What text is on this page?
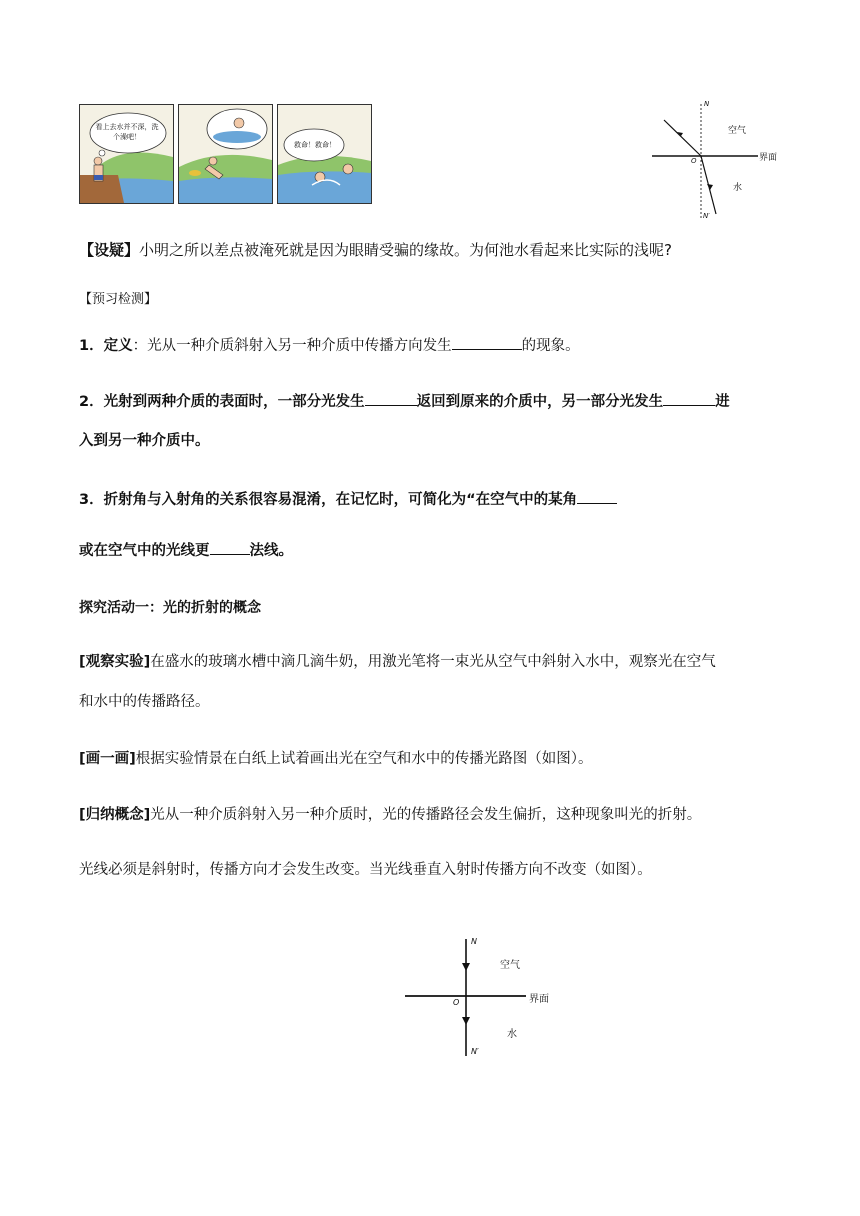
看上去水并不深，洗个澡吧！
救命！救命！
N
N′
O
空气
界面
水
【设疑】小明之所以差点被淹死就是因为眼睛受骗的缘故。为何池水看起来比实际的浅呢?
【预习检测】
1．定义：光从一种介质斜射入另一种介质中传播方向发生	的现象。
2．光射到两种介质的表面时，一部分光发生	返回到原来的介质中，另一部分光发生	进
入到另一种介质中。
3．折射角与入射角的关系很容易混淆，在记忆时，可简化为“在空气中的某角
或在空气中的光线更	法线。
探究活动一：光的折射的概念
[观察实验]在盛水的玻璃水槽中滴几滴牛奶，用激光笔将一束光从空气中斜射入水中，观察光在空气
和水中的传播路径。
[画一画]根据实验情景在白纸上试着画出光在空气和水中的传播光路图（如图）。
[归纳概念]光从一种介质斜射入另一种介质时，光的传播路径会发生偏折，这种现象叫光的折射。
光线必须是斜射时，传播方向才会发生改变。当光线垂直入射时传播方向不改变（如图）。
N
N′
O
空气
界面
水
